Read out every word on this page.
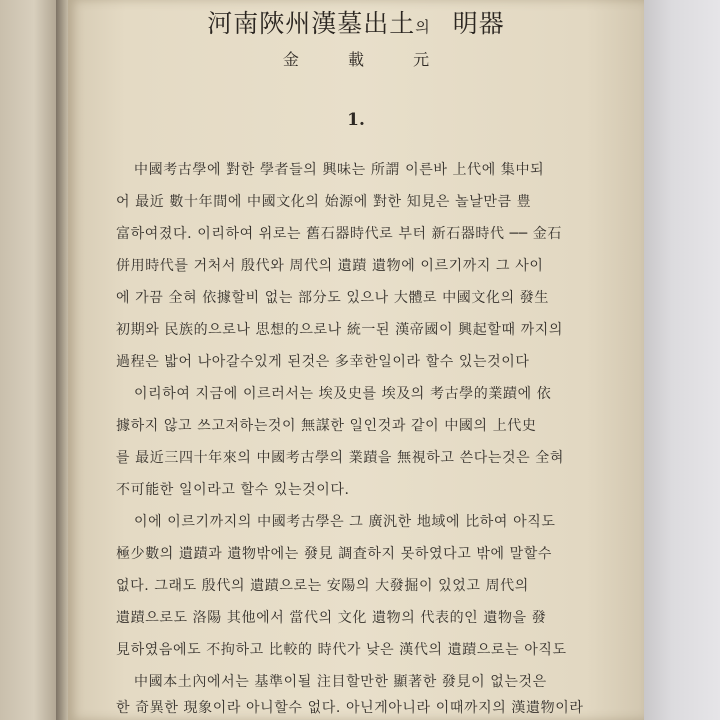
河南陜州漢墓出土의 明器
金 載 元
1.
中國考古學에 對한 學者들의 興味는 所謂 이른바 上代에 集中되
어 最近 數十年間에 中國文化의 始源에 對한 知見은 놀날만큼 豊
富하여졌다. 이리하여 위로는 舊石器時代로 부터 新石器時代 ── 金石
併用時代를 거처서 殷代와 周代의 遺蹟 遺物에 이르기까지 그 사이
에 가끔 全혀 依據할비 없는 部分도 있으나 大體로 中國文化의 發生
初期와 民族的으로나 思想的으로나 統一된 漢帝國이 興起할때 까지의
過程은 밟어 나아갈수있게 된것은 多幸한일이라 할수 있는것이다
이리하여 지금에 이르러서는 埃及史를 埃及의 考古學的業蹟에 依
據하지 않고 쓰고저하는것이 無謀한 일인것과 같이 中國의 上代史
를 最近三四十年來의 中國考古學의 業蹟을 無視하고 쓴다는것은 全혀
不可能한 일이라고 할수 있는것이다.
이에 이르기까지의 中國考古學은 그 廣汎한 地域에 比하여 아직도
極少數의 遺蹟과 遺物밖에는 發見 調査하지 못하였다고 밖에 말할수
없다. 그래도 殷代의 遺蹟으로는 安陽의 大發掘이 있었고 周代의
遺蹟으로도 洛陽 其他에서 當代의 文化 遺物의 代表的인 遺物을 發
見하였음에도 不拘하고 比較的 時代가 낮은 漢代의 遺蹟으로는 아직도
中國本土內에서는 基準이될 注目할만한 顯著한 發見이 없는것은
한 奇異한 現象이라 아니할수 없다. 아닌게아니라 이때까지의 漢遺物이라
